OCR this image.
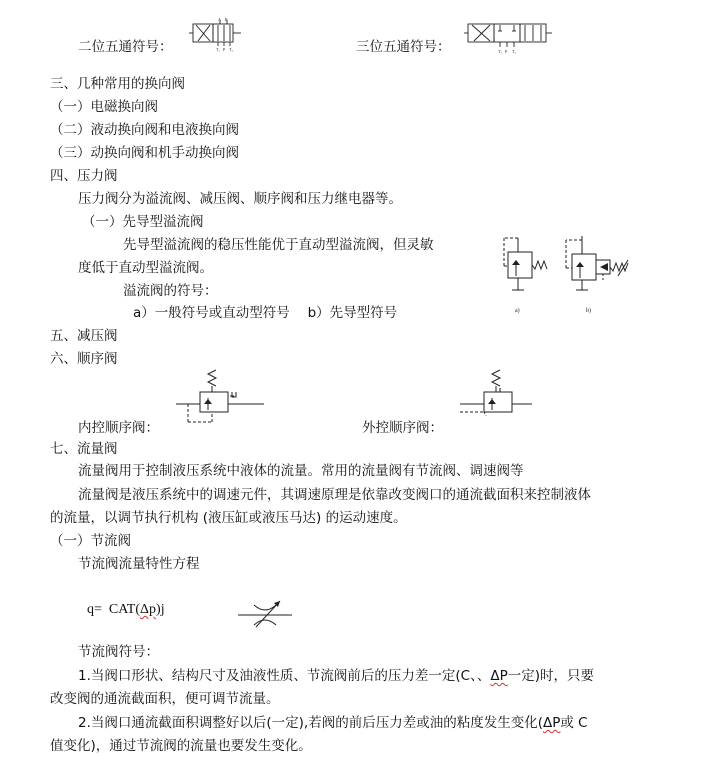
二位五通符号：
A B
T₁ P T₂	三位五通符号：	T₁ P T₂
三、几种常用的换向阀
（一）电磁换向阀
（二）液动换向阀和电液换向阀
（三）动换向阀和机手动换向阀
四、压力阀
压力阀分为溢流阀、减压阀、顺序阀和压力继电器等。
（一）先导型溢流阀
先导型溢流阀的稳压性能优于直动型溢流阀，但灵敏
度低于直动型溢流阀。
溢流阀的符号：
a）一般符号或直动型符号　 b）先导型符号	a)	b)
五、减压阀
六、顺序阀
内控顺序阀：	外控顺序阀：
七、流量阀
流量阀用于控制液压系统中液体的流量。常用的流量阀有节流阀、调速阀等
流量阀是液压系统中的调速元件，其调速原理是依靠改变阀口的通流截面积来控制液体
的流量，以调节执行机构 (液压缸或液压马达) 的运动速度。
（一）节流阀
节流阀流量特性方程
q= CAT(Δp)j
节流阀符号：
1.当阀口形状、结构尺寸及油液性质、节流阀前后的压力差一定(C、、ΔP一定)时，只要
改变阀的通流截面积，便可调节流量。
2.当阀口通流截面积调整好以后(一定),若阀的前后压力差或油的粘度发生变化(ΔP或 C
值变化)，通过节流阀的流量也要发生变化。
